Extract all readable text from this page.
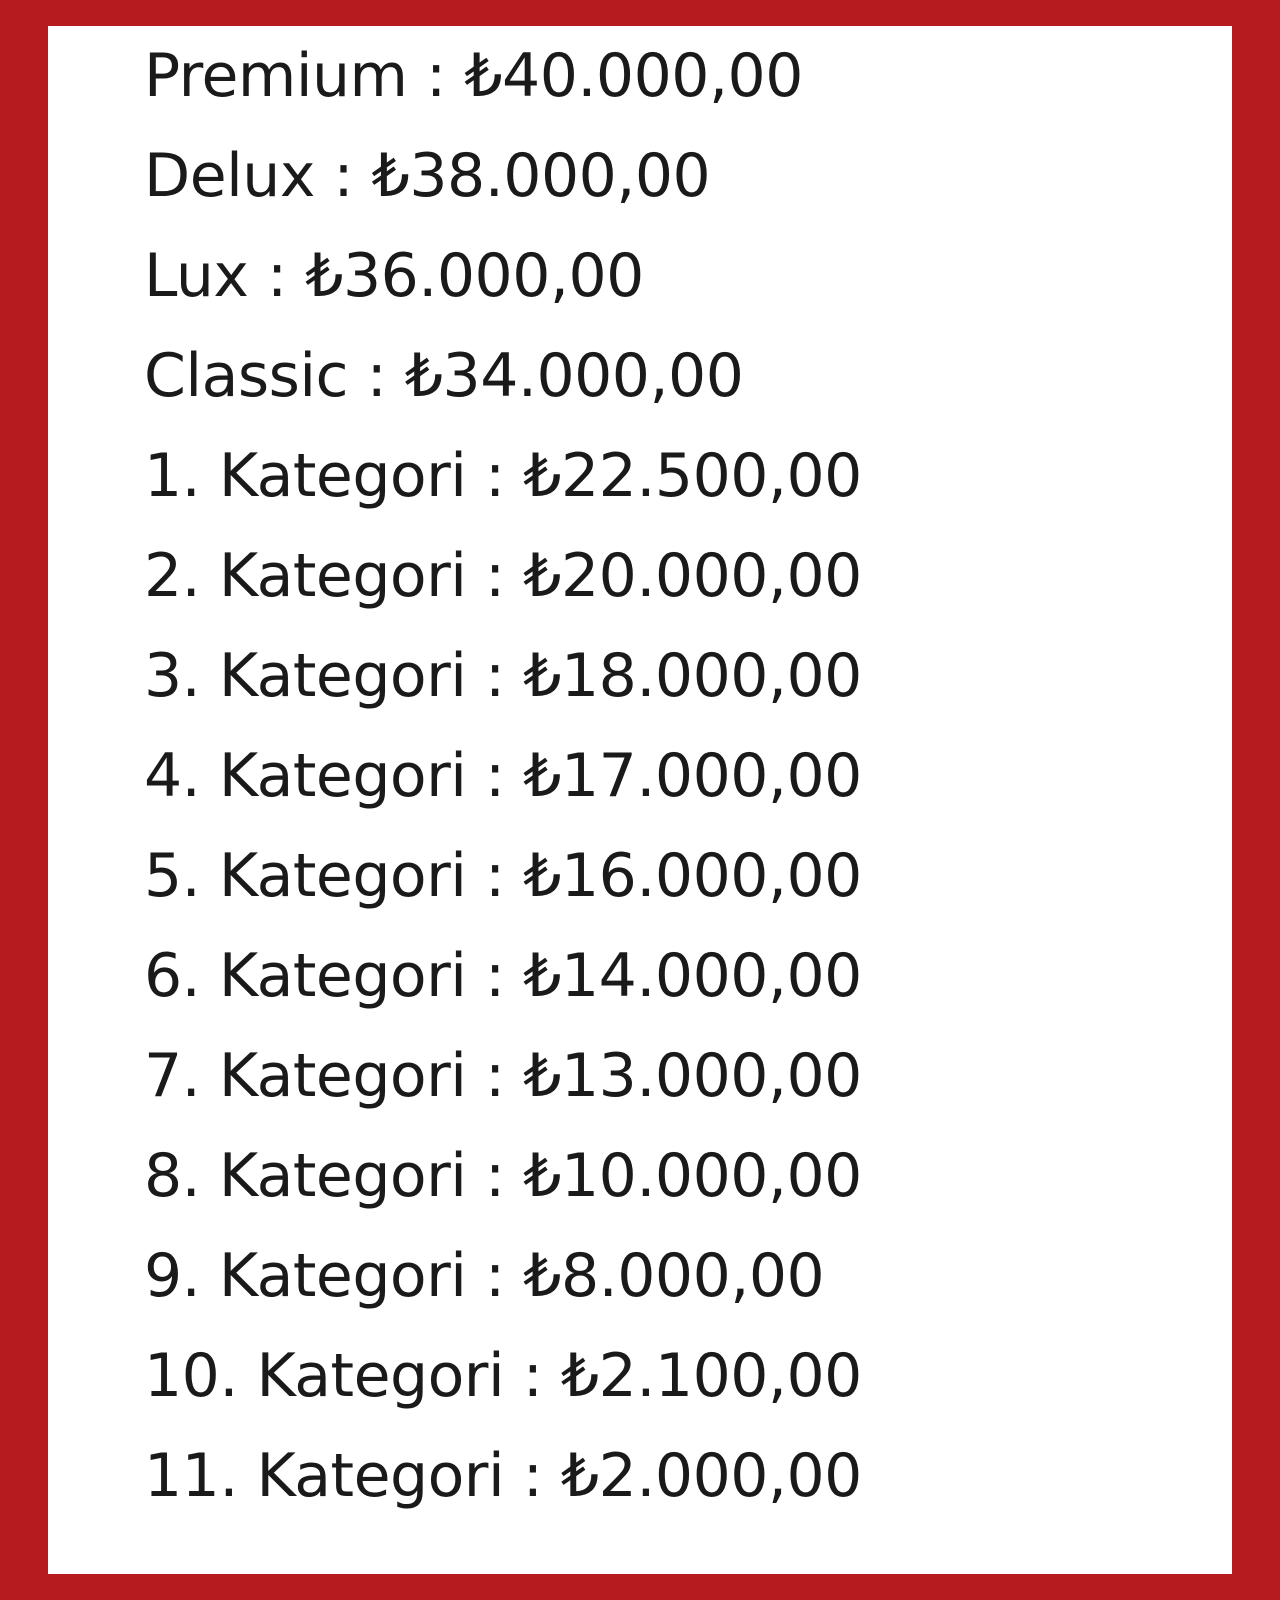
Premium : ₺40.000,00
Delux : ₺38.000,00
Lux : ₺36.000,00
Classic : ₺34.000,00
1. Kategori : ₺22.500,00
2. Kategori : ₺20.000,00
3. Kategori : ₺18.000,00
4. Kategori : ₺17.000,00
5. Kategori : ₺16.000,00
6. Kategori : ₺14.000,00
7. Kategori : ₺13.000,00
8. Kategori : ₺10.000,00
9. Kategori : ₺8.000,00
10. Kategori : ₺2.100,00
11. Kategori : ₺2.000,00
